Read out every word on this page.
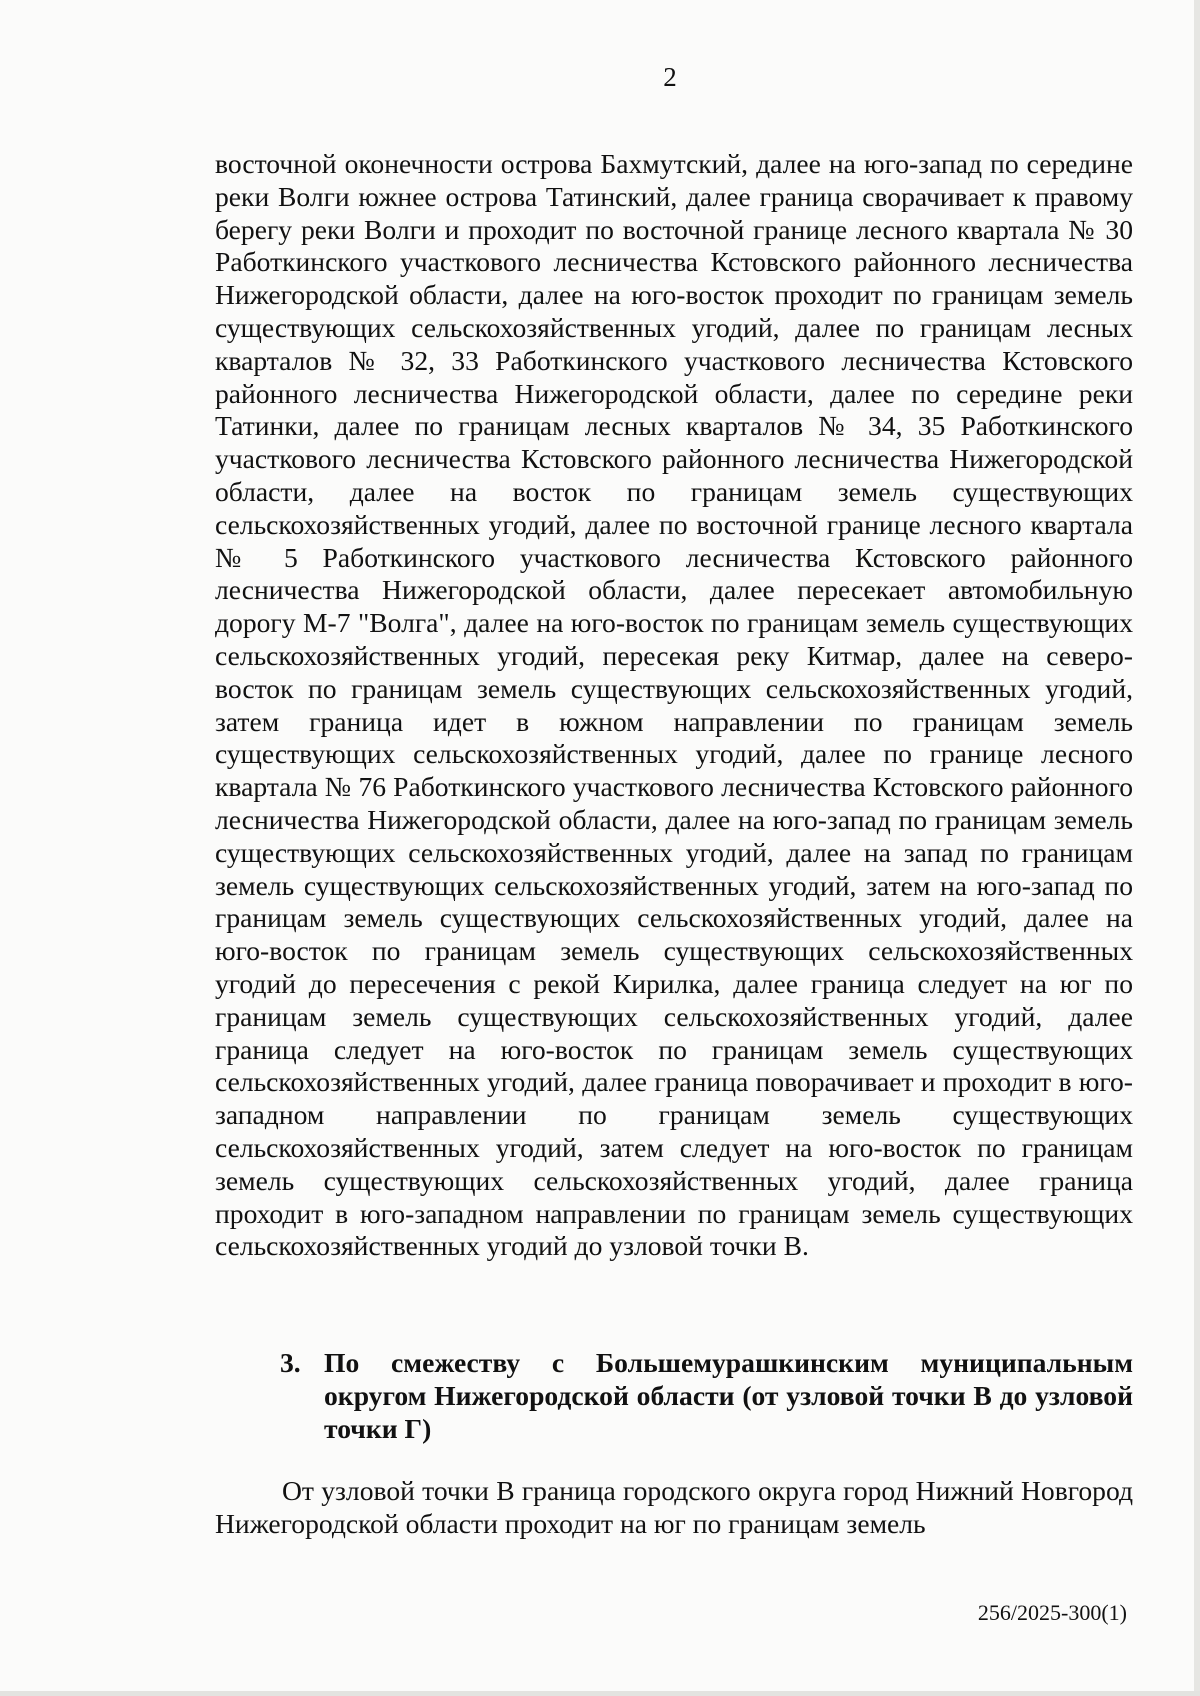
2

восточной оконечности острова Бахмутский, далее на юго-запад по середине реки Волги южнее острова Татинский, далее граница сворачивает к правому берегу реки Волги и проходит по восточной границе лесного квартала № 30 Работкинского участкового лесничества Кстовского районного лесничества Нижегородской области, далее на юго-восток проходит по границам земель существующих сельскохозяйственных угодий, далее по границам лесных кварталов № 32, 33 Работкинского участкового лесничества Кстовского районного лесничества Нижегородской области, далее по середине реки Татинки, далее по границам лесных кварталов № 34, 35 Работкинского участкового лесничества Кстовского районного лесничества Нижегородской области, далее на восток по границам земель существующих сельскохозяйственных угодий, далее по восточной границе лесного квартала № 5 Работкинского участкового лесничества Кстовского районного лесничества Нижегородской области, далее пересекает автомобильную дорогу М-7 "Волга", далее на юго-восток по границам земель существующих сельскохозяйственных угодий, пересекая реку Китмар, далее на северо-восток по границам земель существующих сельскохозяйственных угодий, затем граница идет в южном направлении по границам земель существующих сельскохозяйственных угодий, далее по границе лесного квартала № 76 Работкинского участкового лесничества Кстовского районного лесничества Нижегородской области, далее на юго-запад по границам земель существующих сельскохозяйственных угодий, далее на запад по границам земель существующих сельскохозяйственных угодий, затем на юго-запад по границам земель существующих сельскохозяйственных угодий, далее на юго-восток по границам земель существующих сельскохозяйственных угодий до пересечения с рекой Кирилка, далее граница следует на юг по границам земель существующих сельскохозяйственных угодий, далее граница следует на юго-восток по границам земель существующих сельскохозяйственных угодий, далее граница поворачивает и проходит в юго-западном направлении по границам земель существующих сельскохозяйственных угодий, затем следует на юго-восток по границам земель существующих сельскохозяйственных угодий, далее граница проходит в юго-западном направлении по границам земель существующих сельскохозяйственных угодий до узловой точки В.

3. По смежеству с Большемурашкинским муниципальным округом Нижегородской области (от узловой точки В до узловой точки Г)

От узловой точки В граница городского округа город Нижний Новгород Нижегородской области проходит на юг по границам земель

256/2025-300(1)
